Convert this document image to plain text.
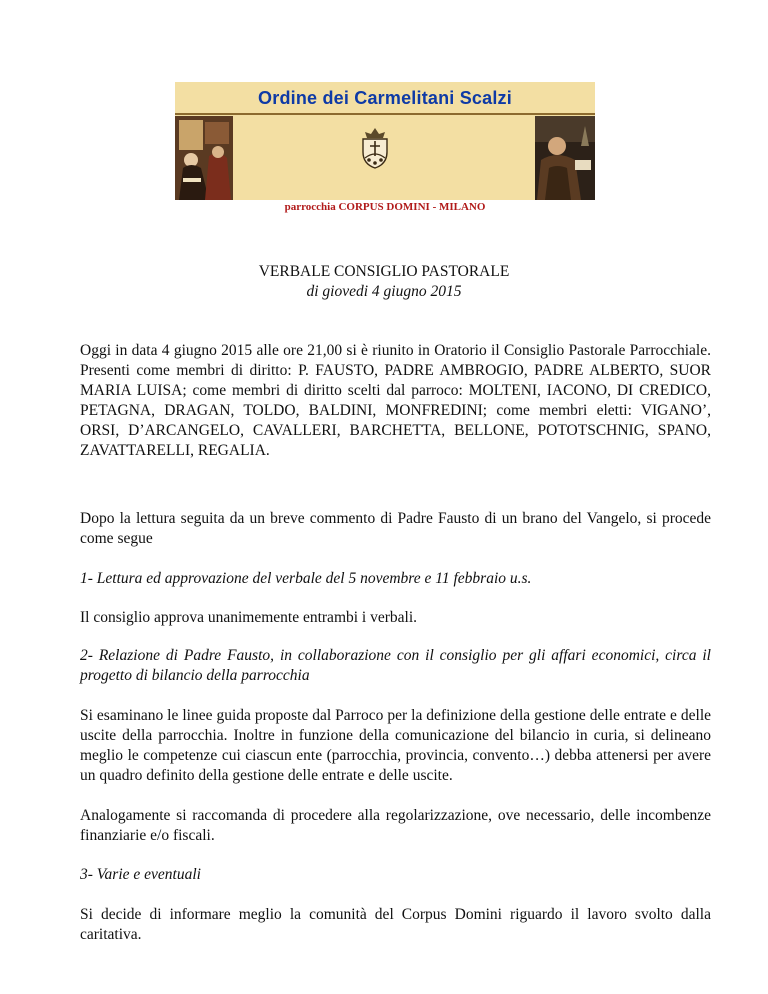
Ordine dei Carmelitani Scalzi
parrocchia CORPUS DOMINI - MILANO
VERBALE CONSIGLIO PASTORALE
di giovedi 4 giugno 2015

Oggi in data 4 giugno 2015 alle ore 21,00 si è riunito in Oratorio il Consiglio Pastorale Parrocchiale. Presenti come membri di diritto: P. FAUSTO, PADRE AMBROGIO, PADRE ALBERTO, SUOR MARIA LUISA; come membri di diritto scelti dal parroco: MOLTENI, IACONO, DI CREDICO, PETAGNA, DRAGAN, TOLDO, BALDINI, MONFREDINI; come membri eletti: VIGANO’, ORSI, D’ARCANGELO, CAVALLERI, BARCHETTA, BELLONE, POTOTSCHNIG, SPANO, ZAVATTARELLI, REGALIA.

Dopo la lettura seguita da un breve commento di Padre Fausto di un brano del Vangelo, si procede come segue

1- Lettura ed approvazione del verbale del 5 novembre e 11 febbraio u.s.

Il consiglio approva unanimemente entrambi i verbali.

2- Relazione di Padre Fausto, in collaborazione con il consiglio per gli affari economici, circa il progetto di bilancio della parrocchia

Si esaminano le linee guida proposte dal Parroco per la definizione della gestione delle entrate e delle uscite della parrocchia. Inoltre in funzione della comunicazione del bilancio in curia, si delineano meglio le competenze cui ciascun ente (parrocchia, provincia, convento…) debba attenersi per avere un quadro definito della gestione delle entrate e delle uscite.

Analogamente si raccomanda di procedere alla regolarizzazione, ove necessario, delle incombenze finanziarie e/o fiscali.

3- Varie e eventuali

Si decide di informare meglio la comunità del Corpus Domini riguardo il lavoro svolto dalla caritativa.
